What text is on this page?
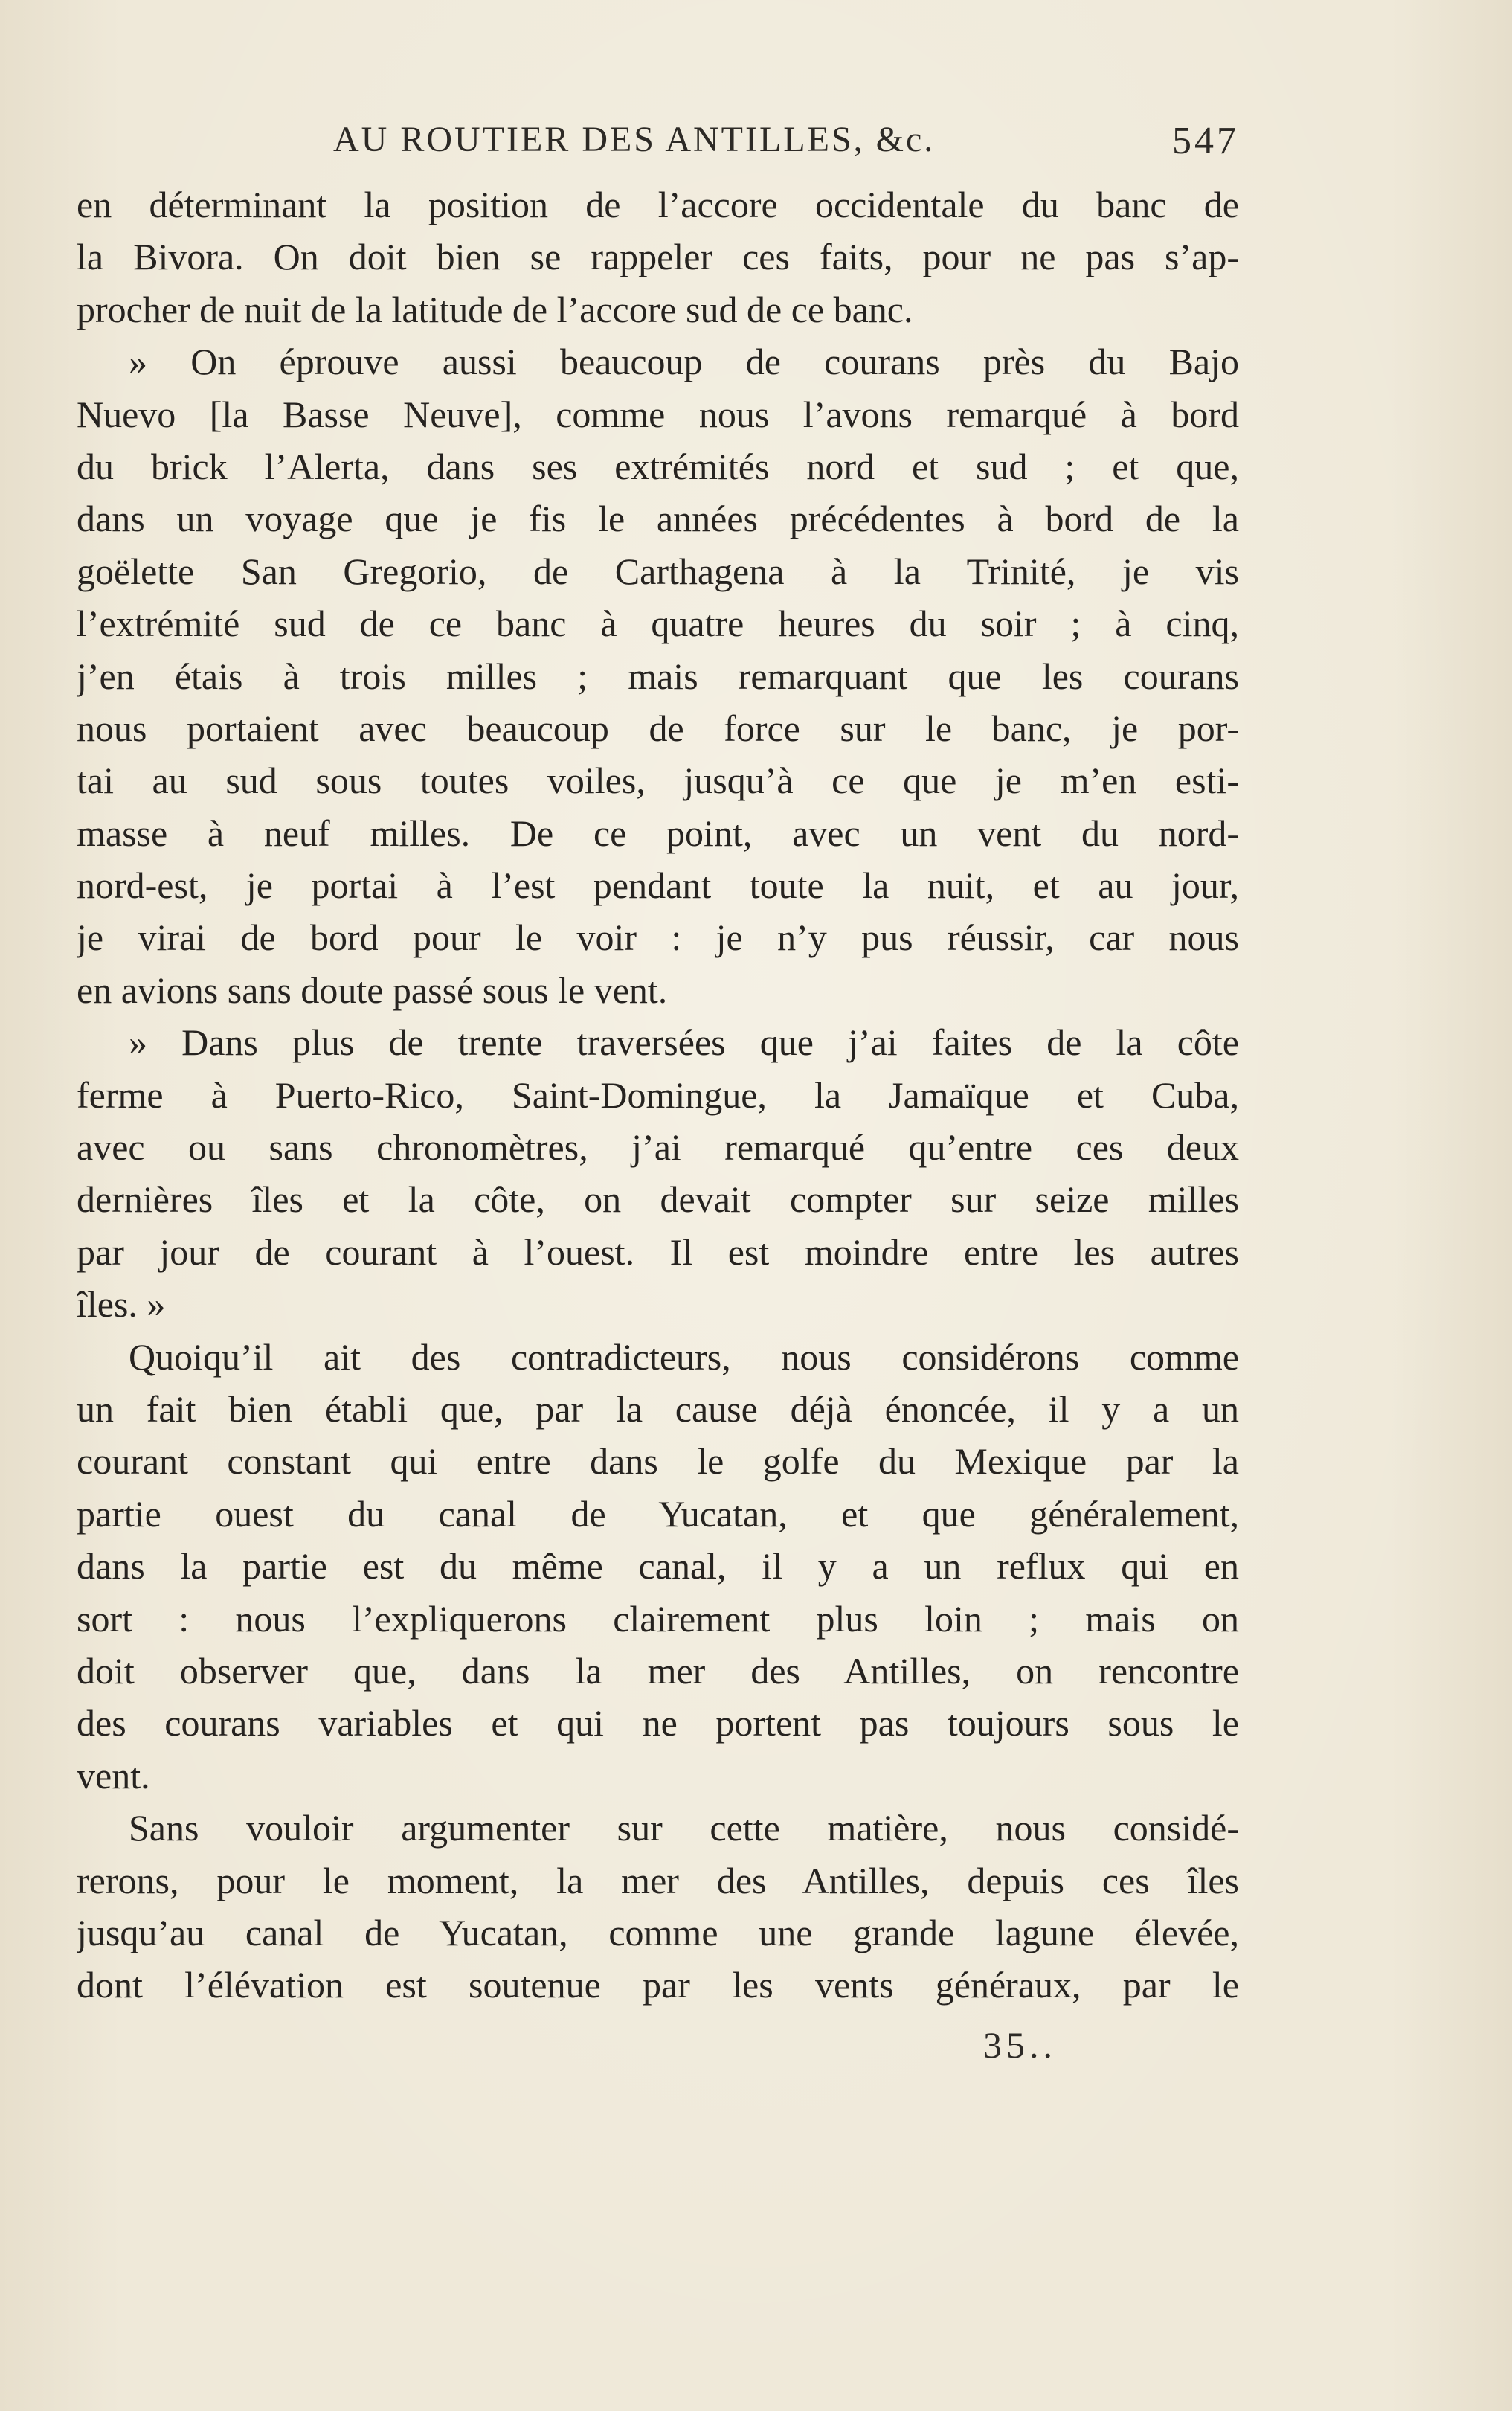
AU ROUTIER DES ANTILLES, &c.	547
en déterminant la position de l’accore occidentale du banc de
la Bivora. On doit bien se rappeler ces faits, pour ne pas s’ap-
procher de nuit de la latitude de l’accore sud de ce banc.
» On éprouve aussi beaucoup de courans près du Bajo
Nuevo [la Basse Neuve], comme nous l’avons remarqué à bord
du brick l’Alerta, dans ses extrémités nord et sud ; et que,
dans un voyage que je fis le années précédentes à bord de la
goëlette San Gregorio, de Carthagena à la Trinité, je vis
l’extrémité sud de ce banc à quatre heures du soir ; à cinq,
j’en étais à trois milles ; mais remarquant que les courans
nous portaient avec beaucoup de force sur le banc, je por-
tai au sud sous toutes voiles, jusqu’à ce que je m’en esti-
masse à neuf milles. De ce point, avec un vent du nord-
nord-est, je portai à l’est pendant toute la nuit, et au jour,
je virai de bord pour le voir : je n’y pus réussir, car nous
en avions sans doute passé sous le vent.
» Dans plus de trente traversées que j’ai faites de la côte
ferme à Puerto-Rico, Saint-Domingue, la Jamaïque et Cuba,
avec ou sans chronomètres, j’ai remarqué qu’entre ces deux
dernières îles et la côte, on devait compter sur seize milles
par jour de courant à l’ouest. Il est moindre entre les autres
îles. »
Quoiqu’il ait des contradicteurs, nous considérons comme
un fait bien établi que, par la cause déjà énoncée, il y a un
courant constant qui entre dans le golfe du Mexique par la
partie ouest du canal de Yucatan, et que généralement,
dans la partie est du même canal, il y a un reflux qui en
sort : nous l’expliquerons clairement plus loin ; mais on
doit observer que, dans la mer des Antilles, on rencontre
des courans variables et qui ne portent pas toujours sous le
vent.
Sans vouloir argumenter sur cette matière, nous considé-
rerons, pour le moment, la mer des Antilles, depuis ces îles
jusqu’au canal de Yucatan, comme une grande lagune élevée,
dont l’élévation est soutenue par les vents généraux, par le
35..
